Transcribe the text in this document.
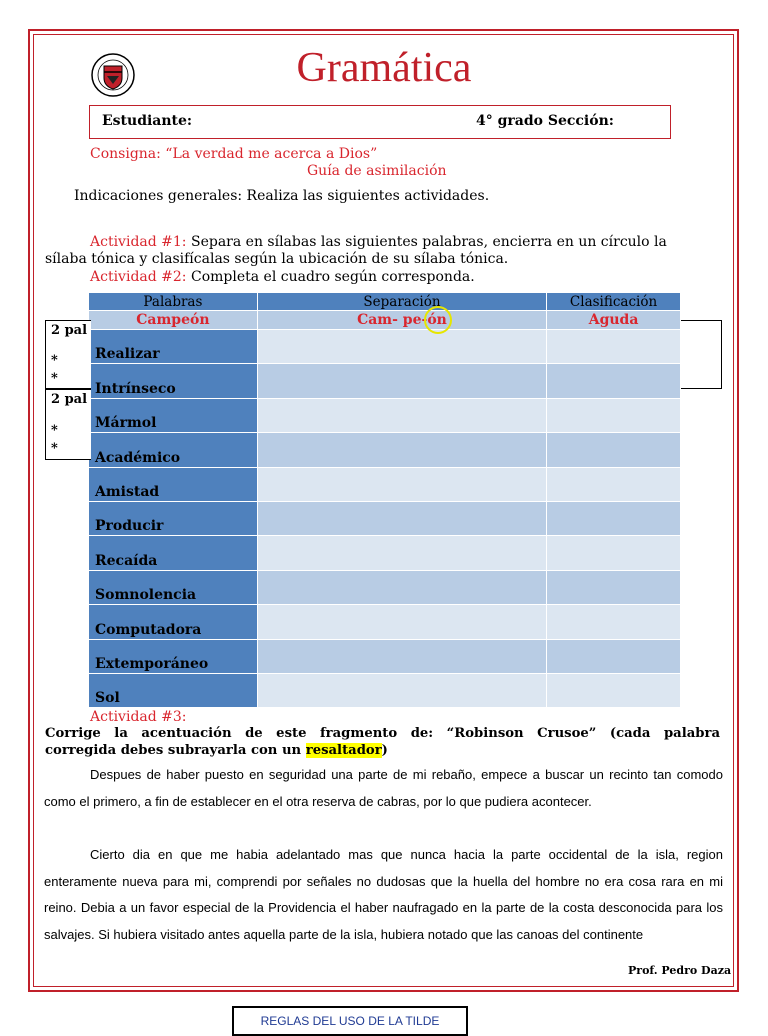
Gramática
Estudiante:	4° grado Sección:
Consigna: “La verdad me acerca a Dios”
Guía de asimilación
Indicaciones generales: Realiza las siguientes actividades.
Actividad #1: Separa en sílabas las siguientes palabras, encierra en un círculo la
sílaba tónica y clasifícalas según la ubicación de su sílaba tónica.
Actividad #2: Completa el cuadro según corresponda.
Palabras	Separación	Clasificación
Campeón	Cam- pe-ón	Aguda
Realizar		
Intrínseco		
Mármol		
Académico		
Amistad		
Producir		
Recaída		
Somnolencia		
Computadora		
Extemporáneo		
Sol		
2 pal
*
*
2 pal
*
*
Actividad #3:
Corrige la acentuación de este fragmento de: “Robinson Crusoe” (cada palabra
corregida debes subrayarla con un resaltador)
Despues de haber puesto en seguridad una parte de mi rebaño, empece a buscar un recinto tan comodo como el primero, a fin de establecer en el otra reserva de cabras, por lo que pudiera acontecer.
Cierto dia en que me habia adelantado mas que nunca hacia la parte occidental de la isla, region enteramente nueva para mi, comprendi por señales no dudosas que la huella del hombre no era cosa rara en mi reino. Debia a un favor especial de la Providencia el haber naufragado en la parte de la costa desconocida para los salvajes. Si hubiera visitado antes aquella parte de la isla, hubiera notado que las canoas del continente
Prof. Pedro Daza
REGLAS DEL USO DE LA TILDE
